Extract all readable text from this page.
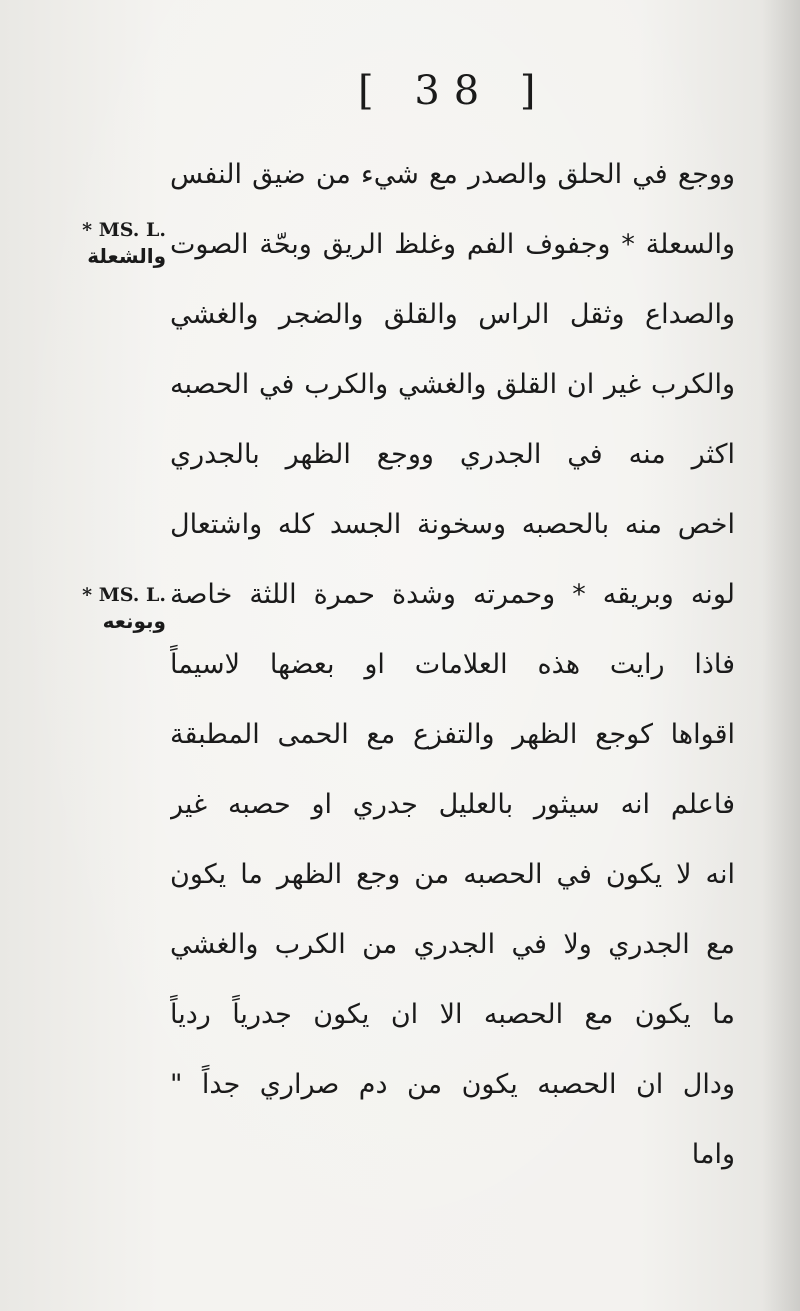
[ 38 ]
* MS. L.
والشعلة
* MS. L.
وبونعه
ووجع في الحلق والصدر مع شيء من ضيق النفس
والسعلة * وجفوف الفم وغلظ الريق وبحّة الصوت
والصداع وثقل الراس والقلق والضجر والغشي
والكرب غير ان القلق والغشي والكرب في الحصبه
اكثر منه في الجدري ووجع الظهر بالجدري
اخص منه بالحصبه وسخونة الجسد كله واشتعال
لونه وبريقه * وحمرته وشدة حمرة اللثة خاصة
فاذا رايت هذه العلامات او بعضها لاسيماً
اقواها كوجع الظهر والتفزع مع الحمى المطبقة
فاعلم انه سيثور بالعليل جدري او حصبه غير
انه لا يكون في الحصبه من وجع الظهر ما يكون
مع الجدري ولا في الجدري من الكرب والغشي
ما يكون مع الحصبه الا ان يكون جدرياً ردياً
ودال ان الحصبه يكون من دم صراري جداً "
واما
